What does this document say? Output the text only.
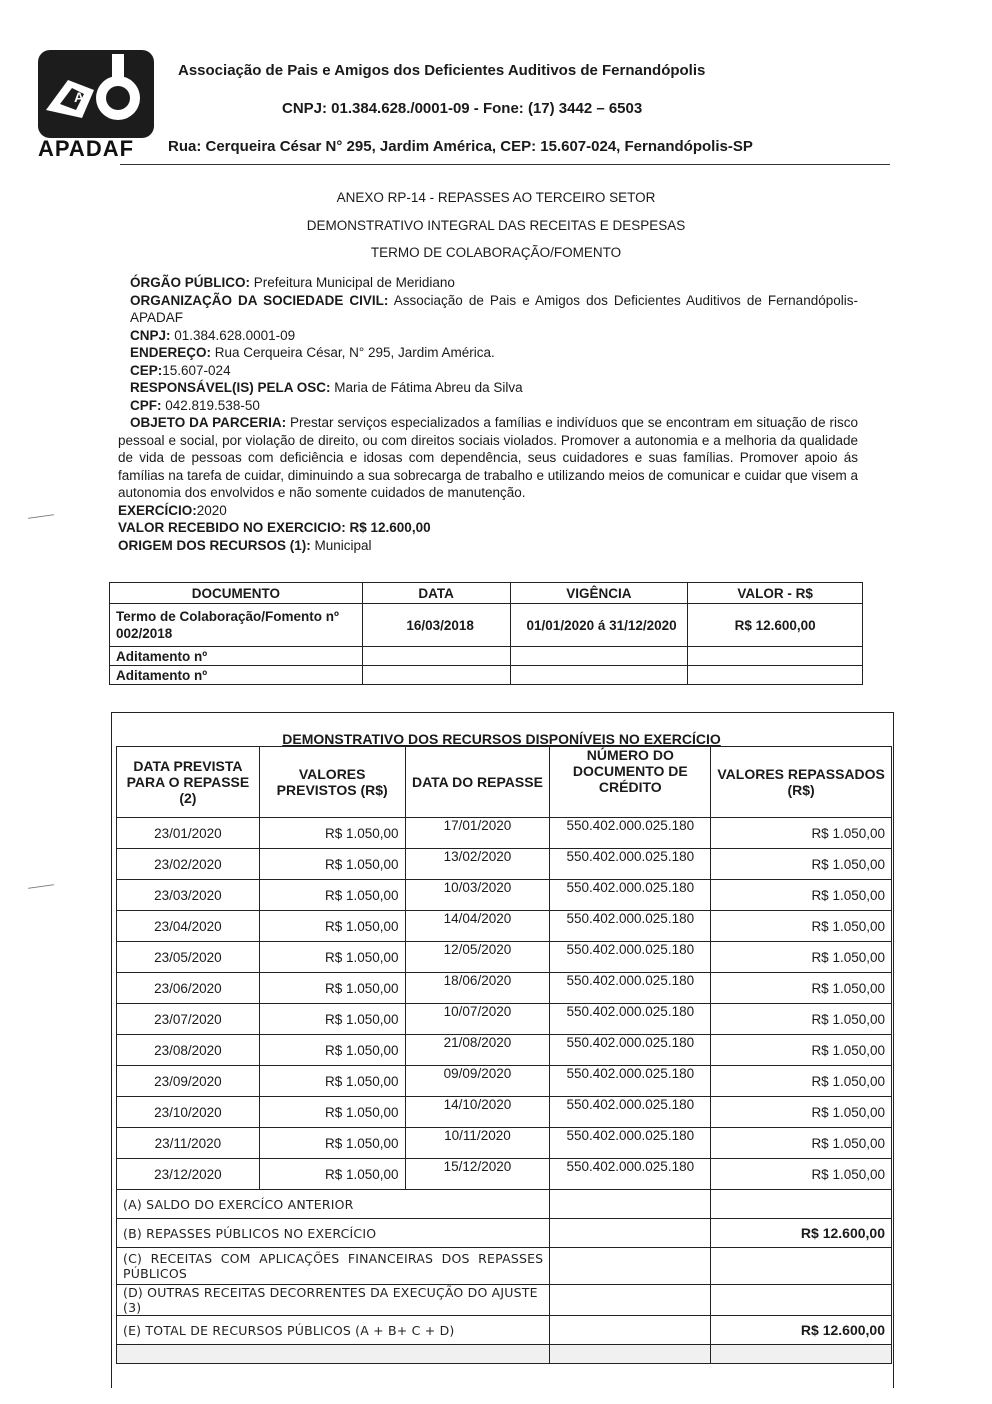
A
APADAF
Associação de Pais e Amigos dos Deficientes Auditivos de Fernandópolis
CNPJ: 01.384.628./0001-09 - Fone: (17) 3442 – 6503
Rua: Cerqueira César N° 295, Jardim América, CEP: 15.607-024, Fernandópolis-SP
ANEXO RP-14 - REPASSES AO TERCEIRO SETOR
DEMONSTRATIVO INTEGRAL DAS RECEITAS E DESPESAS
TERMO DE COLABORAÇÃO/FOMENTO
ÓRGÃO PÚBLICO: Prefeitura Municipal de Meridiano
ORGANIZAÇÃO DA SOCIEDADE CIVIL: Associação de Pais e Amigos dos Deficientes Auditivos de Fernandópolis-APADAF
CNPJ: 01.384.628.0001-09
ENDEREÇO: Rua Cerqueira César, N° 295, Jardim América.
CEP:15.607-024
RESPONSÁVEL(IS) PELA OSC: Maria de Fátima Abreu da Silva
CPF: 042.819.538-50
OBJETO DA PARCERIA: Prestar serviços especializados a famílias e indivíduos que se encontram em situação de risco pessoal e social, por violação de direito, ou com direitos sociais violados. Promover a autonomia e a melhoria da qualidade de vida de pessoas com deficiência e idosas com dependência, seus cuidadores e suas famílias. Promover apoio ás famílias na tarefa de cuidar, diminuindo a sua sobrecarga de trabalho e utilizando meios de comunicar e cuidar que visem a autonomia dos envolvidos e não somente cuidados de manutenção.
EXERCÍCIO:2020
VALOR RECEBIDO NO EXERCICIO: R$ 12.600,00
ORIGEM DOS RECURSOS (1): Municipal
DOCUMENTO	DATA	VIGÊNCIA	VALOR - R$
Termo de Colaboração/Fomento nº 002/2018	16/03/2018	01/01/2020 á 31/12/2020	R$ 12.600,00
Aditamento nº			
Aditamento nº			
DEMONSTRATIVO DOS RECURSOS DISPONÍVEIS NO EXERCÍCIO
DATA PREVISTA PARA O REPASSE (2)	VALORES PREVISTOS (R$)	DATA DO REPASSE	NÚMERO DO DOCUMENTO DE CRÉDITO	VALORES REPASSADOS (R$)
23/01/2020	R$ 1.050,00	17/01/2020	550.402.000.025.180	R$ 1.050,00
23/02/2020	R$ 1.050,00	13/02/2020	550.402.000.025.180	R$ 1.050,00
23/03/2020	R$ 1.050,00	10/03/2020	550.402.000.025.180	R$ 1.050,00
23/04/2020	R$ 1.050,00	14/04/2020	550.402.000.025.180	R$ 1.050,00
23/05/2020	R$ 1.050,00	12/05/2020	550.402.000.025.180	R$ 1.050,00
23/06/2020	R$ 1.050,00	18/06/2020	550.402.000.025.180	R$ 1.050,00
23/07/2020	R$ 1.050,00	10/07/2020	550.402.000.025.180	R$ 1.050,00
23/08/2020	R$ 1.050,00	21/08/2020	550.402.000.025.180	R$ 1.050,00
23/09/2020	R$ 1.050,00	09/09/2020	550.402.000.025.180	R$ 1.050,00
23/10/2020	R$ 1.050,00	14/10/2020	550.402.000.025.180	R$ 1.050,00
23/11/2020	R$ 1.050,00	10/11/2020	550.402.000.025.180	R$ 1.050,00
23/12/2020	R$ 1.050,00	15/12/2020	550.402.000.025.180	R$ 1.050,00
(A) SALDO DO EXERCÍCO ANTERIOR				
(B) REPASSES PÚBLICOS NO EXERCÍCIO				R$ 12.600,00
(C) RECEITAS COM APLICAÇÕES FINANCEIRAS DOS REPASSES PÚBLICOS				
(D) OUTRAS RECEITAS DECORRENTES DA EXECUÇÃO DO AJUSTE (3)				
(E) TOTAL DE RECURSOS PÚBLICOS (A + B+ C + D)				R$ 12.600,00
